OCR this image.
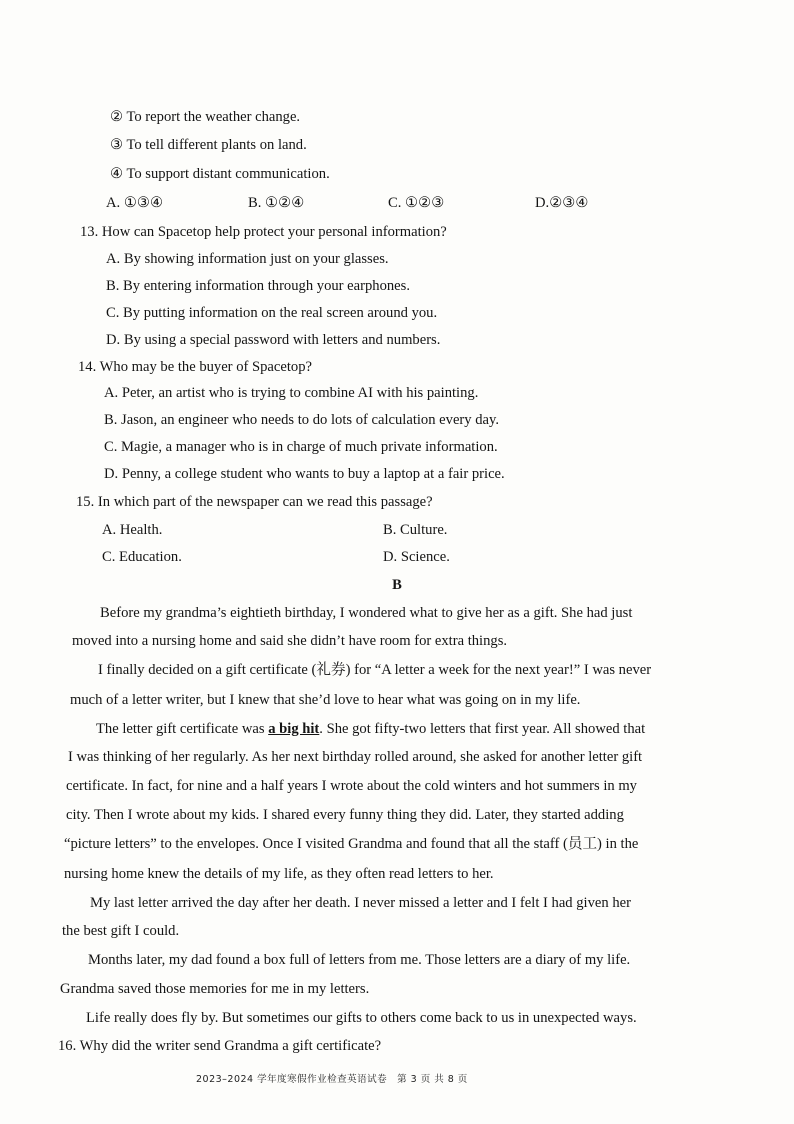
② To report the weather change.
③ To tell different plants on land.
④ To support distant communication.
A. ①③④	B. ①②④	C. ①②③	D.②③④
13. How can Spacetop help protect your personal information?
A. By showing information just on your glasses.
B. By entering information through your earphones.
C. By putting information on the real screen around you.
D. By using a special password with letters and numbers.
14. Who may be the buyer of Spacetop?
A. Peter, an artist who is trying to combine AI with his painting.
B. Jason, an engineer who needs to do lots of calculation every day.
C. Magie, a manager who is in charge of much private information.
D. Penny, a college student who wants to buy a laptop at a fair price.
15. In which part of the newspaper can we read this passage?
A. Health.	B. Culture.
C. Education.	D. Science.
B
Before my grandma’s eightieth birthday, I wondered what to give her as a gift. She had just
moved into a nursing home and said she didn’t have room for extra things.
I finally decided on a gift certificate (礼券) for “A letter a week for the next year!” I was never
much of a letter writer, but I knew that she’d love to hear what was going on in my life.
The letter gift certificate was a big hit. She got fifty-two letters that first year. All showed that
I was thinking of her regularly. As her next birthday rolled around, she asked for another letter gift
certificate. In fact, for nine and a half years I wrote about the cold winters and hot summers in my
city. Then I wrote about my kids. I shared every funny thing they did. Later, they started adding
“picture letters” to the envelopes. Once I visited Grandma and found that all the staff (员工) in the
nursing home knew the details of my life, as they often read letters to her.
My last letter arrived the day after her death. I never missed a letter and I felt I had given her
the best gift I could.
Months later, my dad found a box full of letters from me. Those letters are a diary of my life.
Grandma saved those memories for me in my letters.
Life really does fly by. But sometimes our gifts to others come back to us in unexpected ways.
16. Why did the writer send Grandma a gift certificate?
2023–2024 学年度寒假作业检查英语试卷　第 3 页 共 8 页
